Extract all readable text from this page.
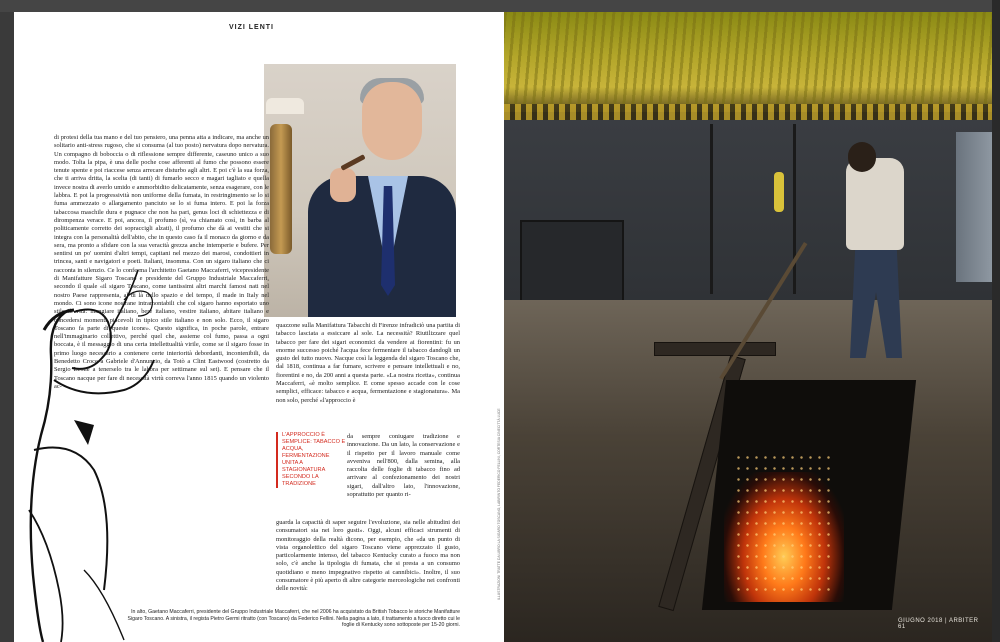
VIZI LENTI

di protesi della tua mano e del tuo pensiero, una penna atta a indicare, ma anche un solitario anti-stress rugoso, che si consuma (al tuo posto) nervatura dopo nervatura. Un compagno di boboccia o di riflessione sempre differente, caseuno unico a suo modo. Tolta la pipa, è una delle poche cose afferenti al fumo che possono essere tenute spente e poi riaccese senza arrecare disturbo agli altri. E poi c'è la sua forza, che ti arriva dritta, la scelta (di tanti) di fumarlo secco e magari tagliato e quella invece nostra di averlo umido e ammorbidito delicatamente, senza esagerare, con le labbra. E poi la progressività non uniforme della fumata, in restringimento se lo si fuma ammezzato o allargamento panciuto se lo si fuma intero. E poi la forza tabaccosa maschile dura e pugnace che non ha pari, genus loci di schiettezza e di dirompenza verace. E poi, ancora, il profumo (sì, va chiamato così, in barba al politicamente corretto dei sopraccigli alzati), il profumo che dà ai vestiti che si integra con la personalità dell'abito, che in questo caso fa il monaco da giorno e da sera, ma pronto a sfidare con la sua veracità grezza anche intemperie e bufere. Per sentirsi un po' uomini d'altri tempi, capitani nel mezzo dei marosi, condottieri in trincea, santi e navigatori e poeti. Italiani, insomma. Con un sigaro italiano che ci racconta in silenzio. Ce lo conferma l'architetto Gaetano Maccaferri, vicepresidente di Manifatture Sigaro Toscano e presidente del Gruppo Industriale Maccaferri, secondo il quale «il sigaro Toscano, come tantissimi altri marchi famosi nati nel nostro Paese rappresenta, al di là dello spazio e del tempo, il made in Italy nel mondo. Ci sono icone nostrane intramontabili che col sigaro hanno esportato uno stile di vita: mangiare italiano, bere italiano, vestire italiano, abitare italiano e concedersi momenti piacevoli in tipico stile italiano e non solo. Ecco, il sigaro Toscano fa parte di queste icone». Questo significa, in poche parole, entrare nell'immaginario collettivo, perché quel che, assieme col fumo, passa a ogni boccata, è il messaggio di una certa intellettualità virile, come se il sigaro fosse in primo luogo necessario a contenere certe interiorità debordanti, incontenibili, da Benedetto Croce a Gabriele d'Annunzio, da Totò a Clint Eastwood (costretto da Sergio Leone a tenerselo tra le labbra per settimane sul set). E pensare che il Toscano nacque per fare di necessità virtù correva l'anno 1815 quando un violento ac-

quazzone sulla Manifattura Tabacchi di Firenze infradiciò una partita di tabacco lasciata a essiccare al sole. La necessità? Riutilizzare quel tabacco per fare dei sigari economici da vendere ai fiorentini: fu un enorme successo poiché l'acqua fece fermentare il tabacco dandogli un gusto del tutto nuovo. Nacque così la leggenda del sigaro Toscano che, dal 1818, continua a far fumare, scrivere e pensare intellettuali e no, fiorentini e no, da 200 anni a questa parte. «La nostra ricetta», continua Maccaferri, «è molto semplice. E come spesso accade con le cose semplici, efficace: tabacco e acqua, fermentazione e stagionatura». Ma non solo, perché «l'approccio è

L'APPROCCIO È SEMPLICE: TABACCO E ACQUA, FERMENTAZIONE UNITA A STAGIONATURA SECONDO LA TRADIZIONE

da sempre coniugare tradizione e innovazione. Da un lato, la conservazione e il rispetto per il lavoro manuale come avveniva nell'800, dalla semina, alla raccolta delle foglie di tabacco fino ad arrivare al confezionamento dei nostri sigari, dall'altro lato, l'innovazione, soprattutto per quanto ri-

guarda la capacità di saper seguire l'evoluzione, sia nelle abitudini dei consumatori sia nei loro gusti». Oggi, alcuni efficaci strumenti di monitoraggio della realtà dicono, per esempio, che «da un punto di vista organolettico del sigaro Toscano viene apprezzato il gusto, particolarmente intenso, del tabacco Kentucky curato a fuoco ma non solo, c'è anche la tipologia di fumata, che si presta a un consumo quotidiano e meno impegnativo rispetto ai cannibici». Inoltre, il suo consumatore è più aperto di altre categorie merceologiche nei confronti delle novità:

In alto, Gaetano Maccaferri, presidente del Gruppo Industriale Maccaferri, che nel 2006 ha acquistato da British Tobacco le storiche Manifatture Sigaro Toscano. A sinistra, il regista Pietro Germi ritratto (con Toscano) da Federico Fellini. Nella pagina a lato, il trattamento a fuoco diretto cui le foglie di Kentucky sono sottoposte per 15-20 giorni.
GIUGNO 2018 | ARBITER    61
